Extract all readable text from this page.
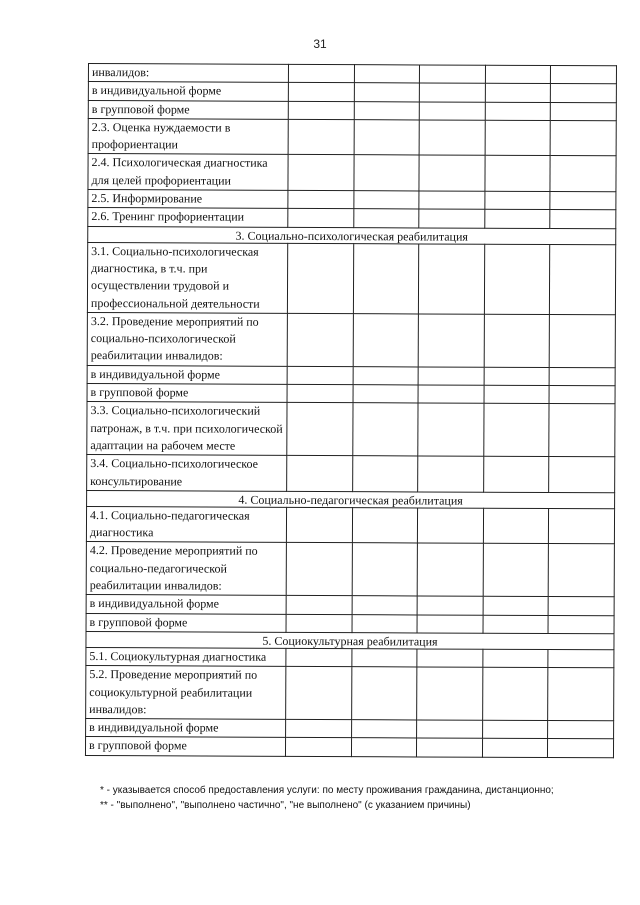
31
инвалидов:					
в индивидуальной форме					
в групповой форме					
2.3. Оценка нуждаемости в профориентации					
2.4. Психологическая диагностика для целей профориентации					
2.5. Информирование					
2.6. Тренинг профориентации					
3. Социально-психологическая реабилитация					
3.1. Социально-психологическая диагностика, в т.ч. при осуществлении трудовой и профессиональной деятельности					
3.2. Проведение мероприятий по социально-психологической реабилитации инвалидов:					
в индивидуальной форме					
в групповой форме					
3.3. Социально-психологический патронаж, в т.ч. при психологической адаптации на рабочем месте					
3.4. Социально-психологическое консультирование					
4. Социально-педагогическая реабилитация					
4.1. Социально-педагогическая диагностика					
4.2. Проведение мероприятий по социально-педагогической реабилитации инвалидов:					
в индивидуальной форме					
в групповой форме					
5. Социокультурная реабилитация					
5.1. Социокультурная диагностика					
5.2. Проведение мероприятий по социокультурной реабилитации инвалидов:					
в индивидуальной форме					
в групповой форме					

* - указывается способ предоставления услуги: по месту проживания гражданина, дистанционно;

** - "выполнено", "выполнено частично", "не выполнено" (с указанием причины)
